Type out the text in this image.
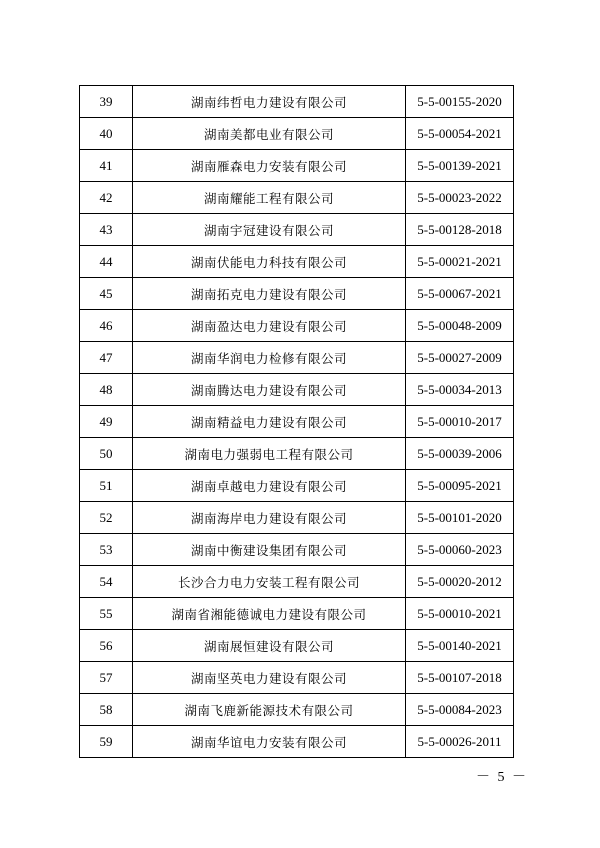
39	湖南纬哲电力建设有限公司	5-5-00155-2020
40	湖南美都电业有限公司	5-5-00054-2021
41	湖南雁森电力安装有限公司	5-5-00139-2021
42	湖南耀能工程有限公司	5-5-00023-2022
43	湖南宇冠建设有限公司	5-5-00128-2018
44	湖南伏能电力科技有限公司	5-5-00021-2021
45	湖南拓克电力建设有限公司	5-5-00067-2021
46	湖南盈达电力建设有限公司	5-5-00048-2009
47	湖南华润电力检修有限公司	5-5-00027-2009
48	湖南腾达电力建设有限公司	5-5-00034-2013
49	湖南精益电力建设有限公司	5-5-00010-2017
50	湖南电力强弱电工程有限公司	5-5-00039-2006
51	湖南卓越电力建设有限公司	5-5-00095-2021
52	湖南海岸电力建设有限公司	5-5-00101-2020
53	湖南中衡建设集团有限公司	5-5-00060-2023
54	长沙合力电力安装工程有限公司	5-5-00020-2012
55	湖南省湘能德诚电力建设有限公司	5-5-00010-2021
56	湖南展恒建设有限公司	5-5-00140-2021
57	湖南坚英电力建设有限公司	5-5-00107-2018
58	湖南飞鹿新能源技术有限公司	5-5-00084-2023
59	湖南华谊电力安装有限公司	5-5-00026-2011
－ 5 －
